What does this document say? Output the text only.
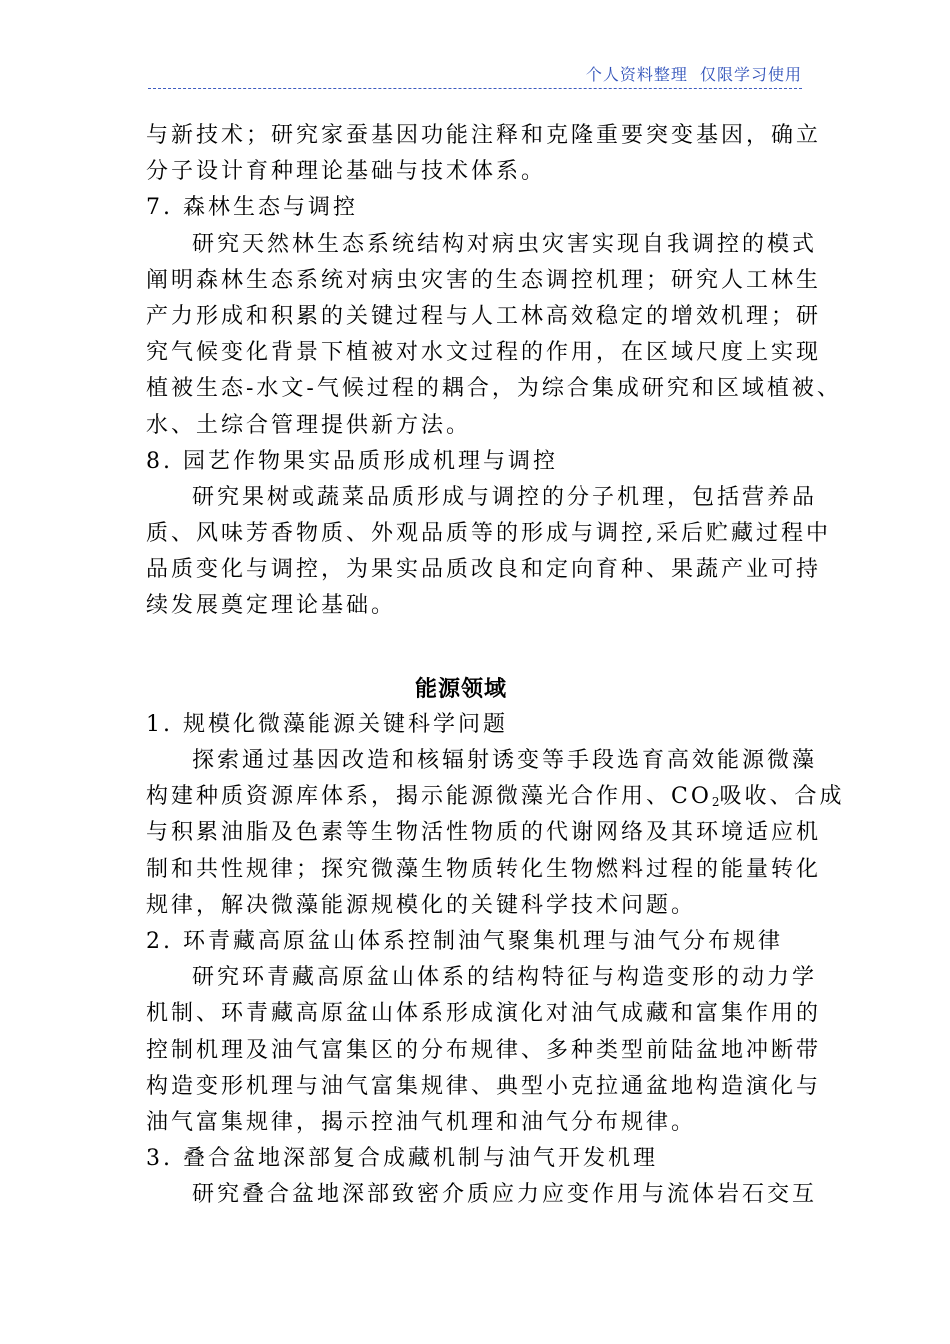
个人资料整理  仅限学习使用
与新技术；研究家蚕基因功能注释和克隆重要突变基因，确立
分子设计育种理论基础与技术体系。
7. 森林生态与调控
研究天然林生态系统结构对病虫灾害实现自我调控的模式
阐明森林生态系统对病虫灾害的生态调控机理；研究人工林生
产力形成和积累的关键过程与人工林高效稳定的增效机理；研
究气候变化背景下植被对水文过程的作用，在区域尺度上实现
植被生态-水文-气候过程的耦合，为综合集成研究和区域植被、
水、土综合管理提供新方法。
8. 园艺作物果实品质形成机理与调控
研究果树或蔬菜品质形成与调控的分子机理，包括营养品
质、风味芳香物质、外观品质等的形成与调控,采后贮藏过程中
品质变化与调控，为果实品质改良和定向育种、果蔬产业可持
续发展奠定理论基础。
能源领域
1. 规模化微藻能源关键科学问题
探索通过基因改造和核辐射诱变等手段选育高效能源微藻
构建种质资源库体系，揭示能源微藻光合作用、$CO_2$吸收、合成
与积累油脂及色素等生物活性物质的代谢网络及其环境适应机
制和共性规律；探究微藻生物质转化生物燃料过程的能量转化
规律，解决微藻能源规模化的关键科学技术问题。
2. 环青藏高原盆山体系控制油气聚集机理与油气分布规律
研究环青藏高原盆山体系的结构特征与构造变形的动力学
机制、环青藏高原盆山体系形成演化对油气成藏和富集作用的
控制机理及油气富集区的分布规律、多种类型前陆盆地冲断带
构造变形机理与油气富集规律、典型小克拉通盆地构造演化与
油气富集规律，揭示控油气机理和油气分布规律。
3. 叠合盆地深部复合成藏机制与油气开发机理
研究叠合盆地深部致密介质应力应变作用与流体岩石交互
